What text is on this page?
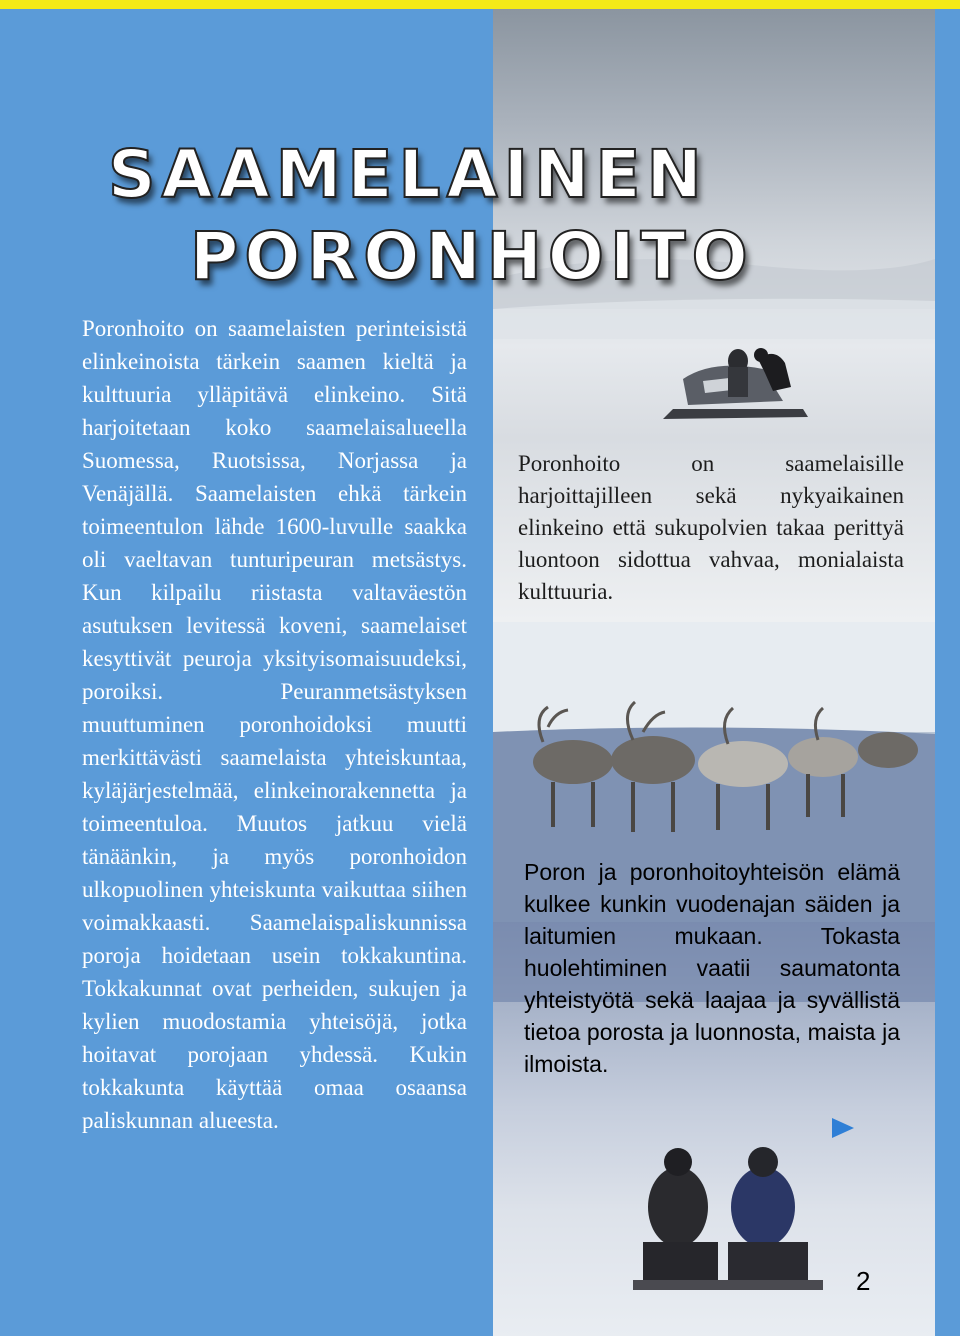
SAAMELAINEN
PORONHOITO

Poronhoito on saamelaisten perinteisistä elinkeinoista tärkein saamen kieltä ja kulttuuria ylläpitävä elinkeino. Sitä harjoitetaan koko saamelaisalueella Suomessa, Ruotsissa, Norjassa ja Venäjällä. Saamelaisten ehkä tärkein toimeentulon lähde 1600-luvulle saakka oli vaeltavan tunturipeuran metsästys. Kun kilpailu riistasta valtaväestön asutuksen levitessä koveni, saamelaiset kesyttivät peuroja yksityisomaisuudeksi, poroiksi. Peuranmetsästyksen muuttuminen poronhoidoksi muutti merkittävästi saamelaista yhteiskuntaa, kyläjärjestelmää, elinkeinorakennetta ja toimeentuloa. Muutos jatkuu vielä tänäänkin, ja myös poronhoidon ulkopuolinen yhteiskunta vaikuttaa siihen voimakkaasti. Saamelaispaliskunnissa poroja hoidetaan usein tokkakuntina. Tokkakunnat ovat perheiden, sukujen ja kylien muodostamia yhteisöjä, jotka hoitavat porojaan yhdessä. Kukin tokkakunta käyttää omaa osaansa paliskunnan alueesta.

Poronhoito on saamelaisille harjoittajilleen sekä nykyaikainen elinkeino että sukupolvien takaa perittyä luontoon sidottua vahvaa, monialaista kulttuuria.

Poron ja poronhoitoyhteisön elämä kulkee kunkin vuodenajan säiden ja laitumien mukaan. Tokasta huolehtiminen vaatii saumatonta yhteistyötä sekä laajaa ja syvällistä tietoa porosta ja luonnosta, maista ja ilmoista.

2
